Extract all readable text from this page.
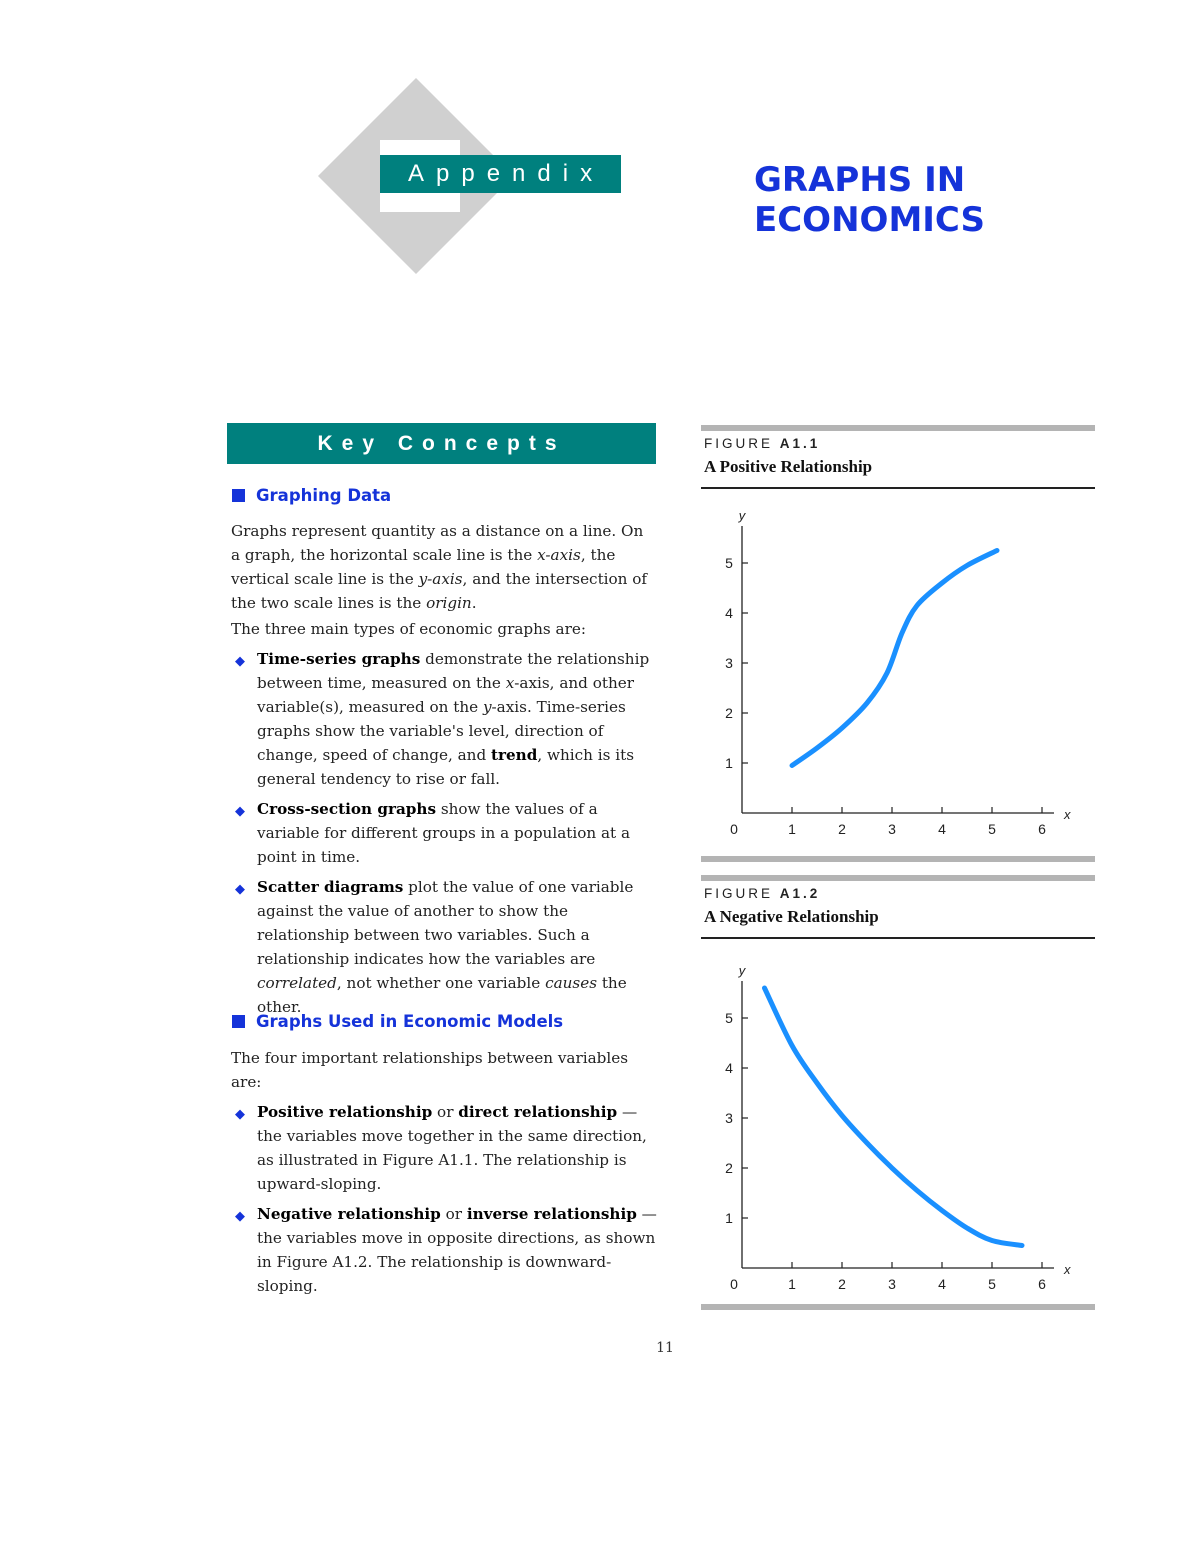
Appendix	GRAPHS IN
ECONOMICS
Key Concepts
Graphing Data

Graphs represent quantity as a distance on a line. On a graph, the horizontal scale line is the x-axis, the vertical scale line is the y-axis, and the intersection of the two scale lines is the origin.

The three main types of economic graphs are:

◆ Time-series graphs demonstrate the relationship between time, measured on the x-axis, and other variable(s), measured on the y-axis. Time-series graphs show the variable's level, direction of change, speed of change, and trend, which is its general tendency to rise or fall.
◆ Cross-section graphs show the values of a variable for different groups in a population at a point in time.
◆ Scatter diagrams plot the value of one variable against the value of another to show the relationship between two variables. Such a relationship indicates how the variables are correlated, not whether one variable causes the other.
Graphs Used in Economic Models

The four important relationships between variables are:

◆ Positive relationship or direct relationship — the variables move together in the same direction, as illustrated in Figure A1.1. The relationship is upward-sloping.
◆ Negative relationship or inverse relationship — the variables move in opposite directions, as shown in Figure A1.2. The relationship is downward-sloping.
FIGURE A1.1
A Positive Relationship
0	1	2	3	4	5	6
1
2
3
4
5
x
y
FIGURE A1.2
A Negative Relationship
0	1	2	3	4	5	6
1
2
3
4
5
x
y
11
